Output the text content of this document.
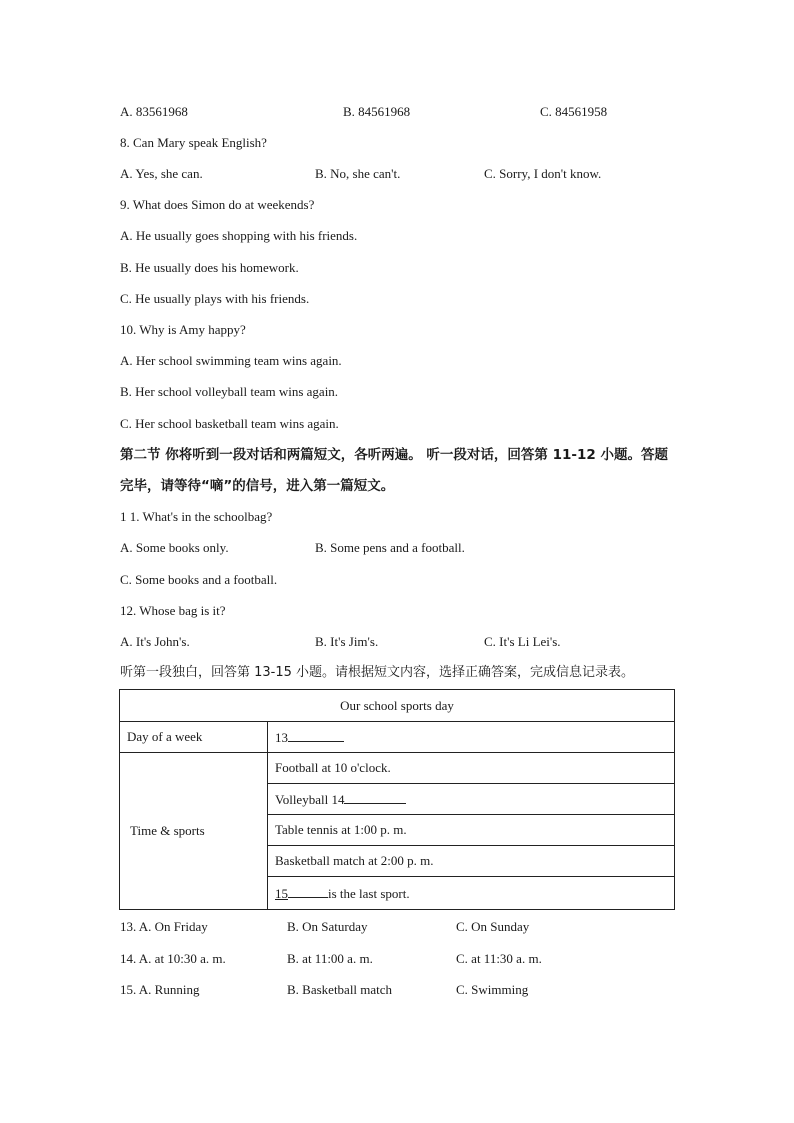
A. 83561968	B. 84561968	C. 84561958
8. Can Mary speak English?
A. Yes, she can.	B. No, she can't.	C. Sorry, I don't know.
9. What does Simon do at weekends?
A. He usually goes shopping with his friends.
B. He usually does his homework.
C. He usually plays with his friends.
10. Why is Amy happy?
A. Her school swimming team wins again.
B. Her school volleyball team wins again.
C. Her school basketball team wins again.
第二节 你将听到一段对话和两篇短文，各听两遍。 听一段对话，回答第 11-12 小题。答题
完毕，请等待“嘀”的信号，进入第一篇短文。
1 1. What's in the schoolbag?
A. Some books only.	B. Some pens and a football.
C. Some books and a football.
12. Whose bag is it?
A. It's John's.	B. It's Jim's.	C. It's Li Lei's.
听第一段独白，回答第 13-15 小题。请根据短文内容，选择正确答案，完成信息记录表。
Our school sports day	
Day of a week	13
Time & sports	Football at 10 o'clock.
	Volleyball 14
	Table tennis at 1:00 p. m.
	Basketball match at 2:00 p. m.
	15 is the last sport.
13. A. On Friday	B. On Saturday	C. On Sunday
14. A. at 10:30 a. m.	B. at 11:00 a. m.	C. at 11:30 a. m.
15. A. Running	B. Basketball match	C. Swimming
